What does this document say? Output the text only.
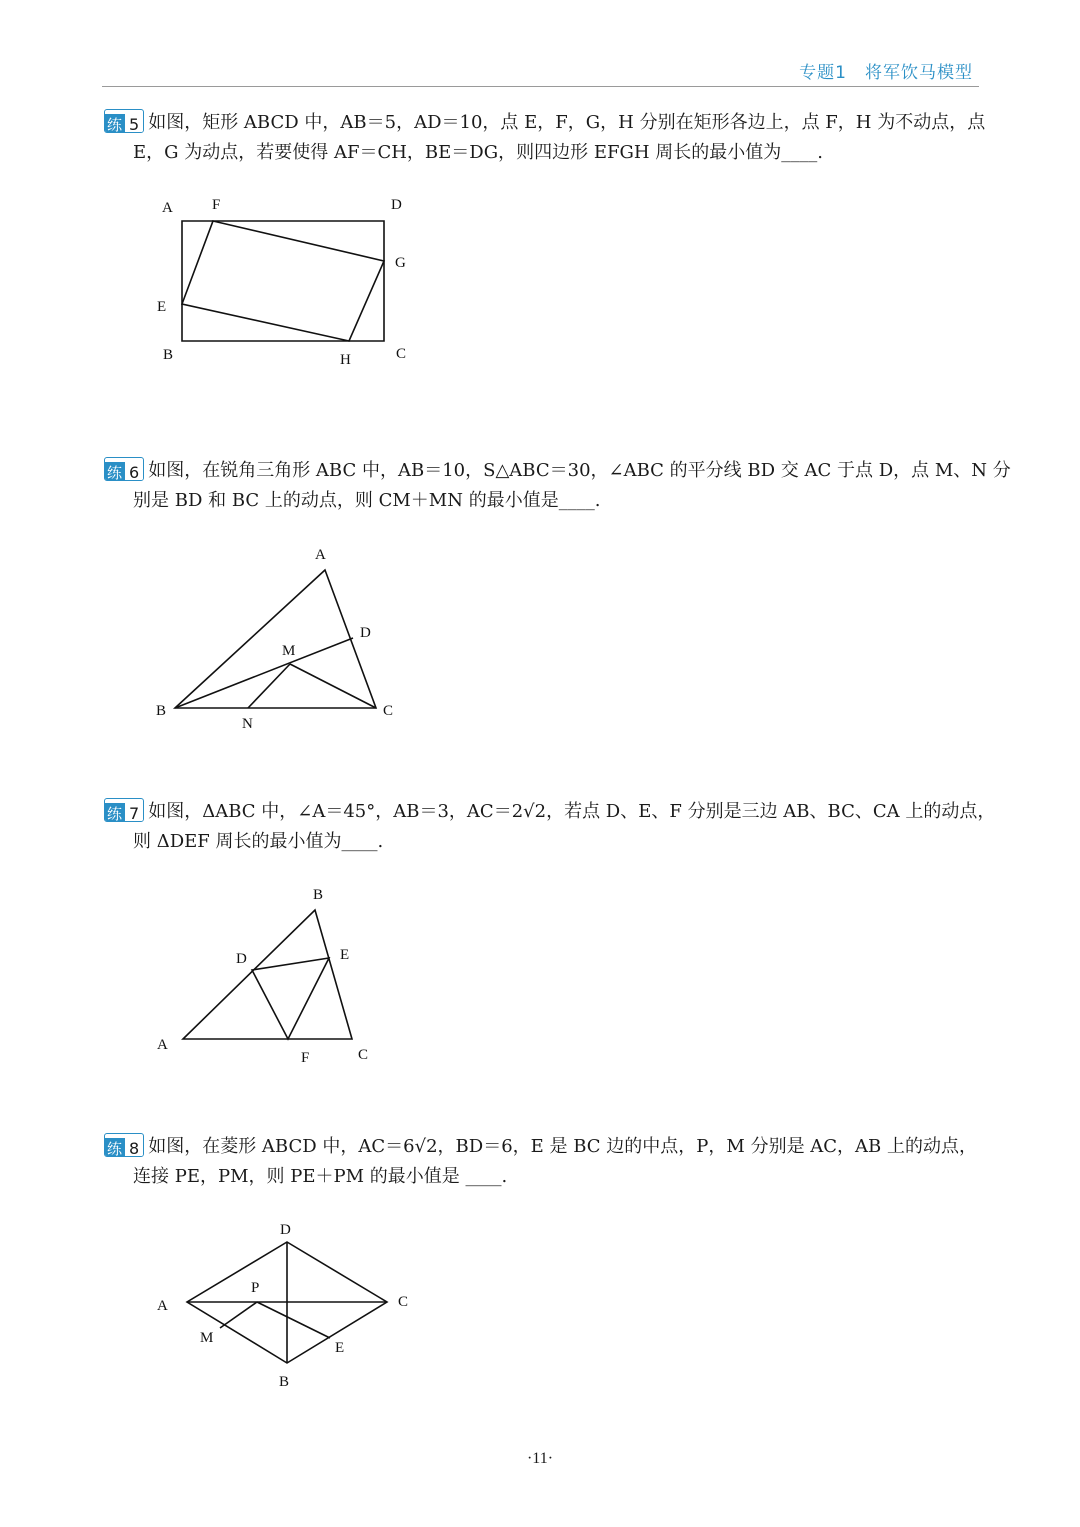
专题1　将军饮马模型
练 5 如图，矩形 ABCD 中，AB＝5，AD＝10，点 E，F，G，H 分别在矩形各边上，点 F，H 为不动点，点
E，G 为动点，若要使得 AF＝CH，BE＝DG，则四边形 EFGH 周长的最小值为____.
A	F	D
G
E
B	H	C
练 6 如图，在锐角三角形 ABC 中，AB＝10，S△ABC＝30，∠ABC 的平分线 BD 交 AC 于点 D，点 M、N 分
别是 BD 和 BC 上的动点，则 CM＋MN 的最小值是____.
A
D
M
B
N
C
练 7 如图，ΔABC 中，∠A＝45°，AB＝3，AC＝2√2，若点 D、E、F 分别是三边 AB、BC、CA 上的动点，
则 ΔDEF 周长的最小值为____.
B
D	E
A
F	C
练 8 如图，在菱形 ABCD 中，AC＝6√2，BD＝6，E 是 BC 边的中点，P，M 分别是 AC，AB 上的动点，
连接 PE，PM，则 PE＋PM 的最小值是 ____.
D
A
P
C
M
E
B
·11·
